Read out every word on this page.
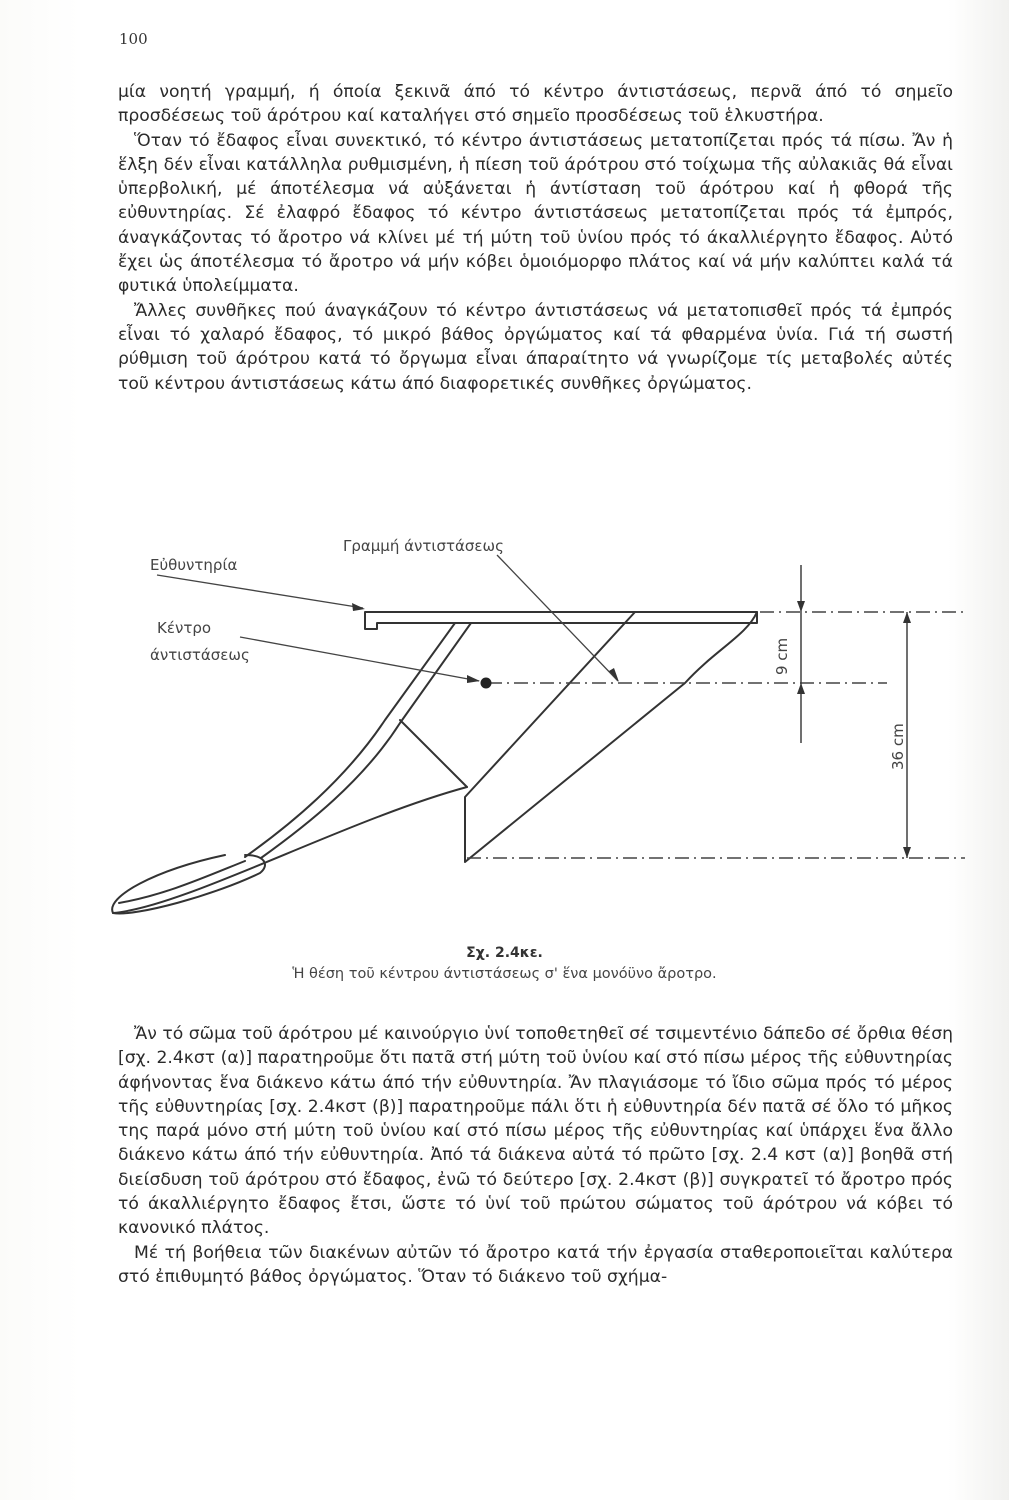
100

μία νοητή γραμμή, ή όποία ξεκινᾶ άπό τό κέντρο άντιστάσεως, περνᾶ άπό τό σημεῖο προσδέσεως τοῦ άρότρου καί καταλήγει στό σημεῖο προσδέσεως τοῦ ἑλκυστήρα.

Ὅταν τό ἔδαφος εἶναι συνεκτικό, τό κέντρο άντιστάσεως μετατοπίζεται πρός τά πίσω. Ἄν ἡ ἕλξη δέν εἶναι κατάλληλα ρυθμισμένη, ἡ πίεση τοῦ άρότρου στό τοίχωμα τῆς αὐλακιᾶς θά εἶναι ὑπερβολική, μέ άποτέλεσμα νά αὐξάνεται ἡ άντίσταση τοῦ άρότρου καί ἡ φθορά τῆς εὐθυντηρίας. Σέ ἐλαφρό ἔδαφος τό κέντρο άντιστάσεως μετατοπίζεται πρός τά ἐμπρός, άναγκάζοντας τό ἄροτρο νά κλίνει μέ τή μύτη τοῦ ὑνίου πρός τό άκαλλιέργητο ἔδαφος. Αὐτό ἔχει ὡς άποτέλεσμα τό ἄροτρο νά μήν κόβει ὁμοιόμορφο πλάτος καί νά μήν καλύπτει καλά τά φυτικά ὑπολείμματα.

Ἄλλες συνθῆκες πού άναγκάζουν τό κέντρο άντιστάσεως νά μετατοπισθεῖ πρός τά ἐμπρός εἶναι τό χαλαρό ἔδαφος, τό μικρό βάθος ὀργώματος καί τά φθαρμένα ὑνία. Γιά τή σωστή ρύθμιση τοῦ άρότρου κατά τό ὄργωμα εἶναι άπαραίτητο νά γνωρίζομε τίς μεταβολές αὐτές τοῦ κέντρου άντιστάσεως κάτω άπό διαφορετικές συνθῆκες ὀργώματος.

Γραμμή άντιστάσεως
Εὐθυντηρία
Κέντρο
άντιστάσεως	9 cm
36 cm
Σχ. 2.4κε.
Ἡ θέση τοῦ κέντρου άντιστάσεως σ' ἕνα μονόϋνο ἄροτρο.

Ἄν τό σῶμα τοῦ άρότρου μέ καινούργιο ὑνί τοποθετηθεῖ σέ τσιμεντένιο δάπεδο σέ ὄρθια θέση [σχ. 2.4κστ (α)] παρατηροῦμε ὅτι πατᾶ στή μύτη τοῦ ὑνίου καί στό πίσω μέρος τῆς εὐθυντηρίας άφήνοντας ἕνα διάκενο κάτω άπό τήν εὐθυντηρία. Ἄν πλαγιάσομε τό ἴδιο σῶμα πρός τό μέρος τῆς εὐθυντηρίας [σχ. 2.4κστ (β)] παρατηροῦμε πάλι ὅτι ἡ εὐθυντηρία δέν πατᾶ σέ ὅλο τό μῆκος της παρά μόνο στή μύτη τοῦ ὑνίου καί στό πίσω μέρος τῆς εὐθυντηρίας καί ὑπάρχει ἕνα ἄλλο διάκενο κάτω άπό τήν εὐθυντηρία. Ἀπό τά διάκενα αὐτά τό πρῶτο [σχ. 2.4 κστ (α)] βοηθᾶ στή διείσδυση τοῦ άρότρου στό ἔδαφος, ἐνῶ τό δεύτερο [σχ. 2.4κστ (β)] συγκρατεῖ τό ἄροτρο πρός τό άκαλλιέργητο ἔδαφος ἔτσι, ὥστε τό ὑνί τοῦ πρώτου σώματος τοῦ άρότρου νά κόβει τό κανονικό πλάτος.

Μέ τή βοήθεια τῶν διακένων αὐτῶν τό ἄροτρο κατά τήν ἐργασία σταθεροποιεῖται καλύτερα στό ἐπιθυμητό βάθος ὀργώματος. Ὅταν τό διάκενο τοῦ σχήμα-
